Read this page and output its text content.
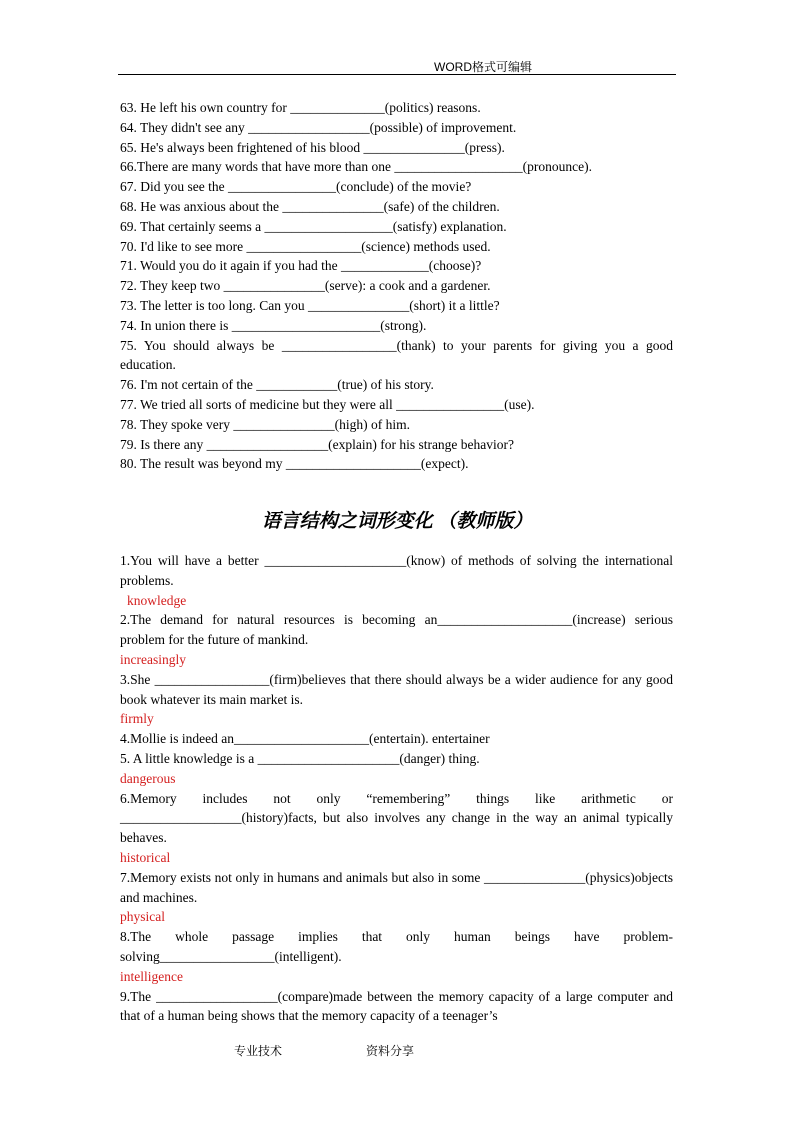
WORD格式可编辑
63. He left his own country for ______________(politics) reasons.
64. They didn't see any __________________(possible) of improvement.
65. He's always been frightened of his blood _______________(press).
66.There are many words that have more than one ___________________(pronounce).
67. Did you see the ________________(conclude) of the movie?
68. He was anxious about the _______________(safe) of the children.
69. That certainly seems a ___________________(satisfy) explanation.
70. I'd like to see more _________________(science) methods used.
71. Would you do it again if you had the _____________(choose)?
72. They keep two _______________(serve): a cook and a gardener.
73. The letter is too long. Can you _______________(short) it a little?
74. In union there is ______________________(strong).
75. You should always be _________________(thank) to your parents for giving you a good education.
76. I'm not certain of the ____________(true) of his story.
77. We tried all sorts of medicine but they were all ________________(use).
78. They spoke very _______________(high) of him.
79. Is there any __________________(explain) for his strange behavior?
80. The result was beyond my ____________________(expect).
语言结构之词形变化 （教师版）
1.You will have a better _____________________(know) of methods of solving the international problems.
knowledge
2.The demand for natural resources is becoming an____________________(increase) serious problem for the future of mankind.
increasingly
3.She _________________(firm)believes that there should always be a wider audience for any good book whatever its main market is.
firmly
4.Mollie is indeed an____________________(entertain). entertainer
5. A little knowledge is a _____________________(danger) thing.
dangerous
6.Memory includes not only “remembering” things like arithmetic or __________________(history)facts, but also involves any change in the way an animal typically behaves.
historical
7.Memory exists not only in humans and animals but also in some _______________(physics)objects and machines.
physical
8.The whole passage implies that only human beings have problem-solving_________________(intelligent).
intelligence
9.The __________________(compare)made between the memory capacity of a large computer and that of a human being shows that the memory capacity of a teenager’s
专业技术	资料分享
